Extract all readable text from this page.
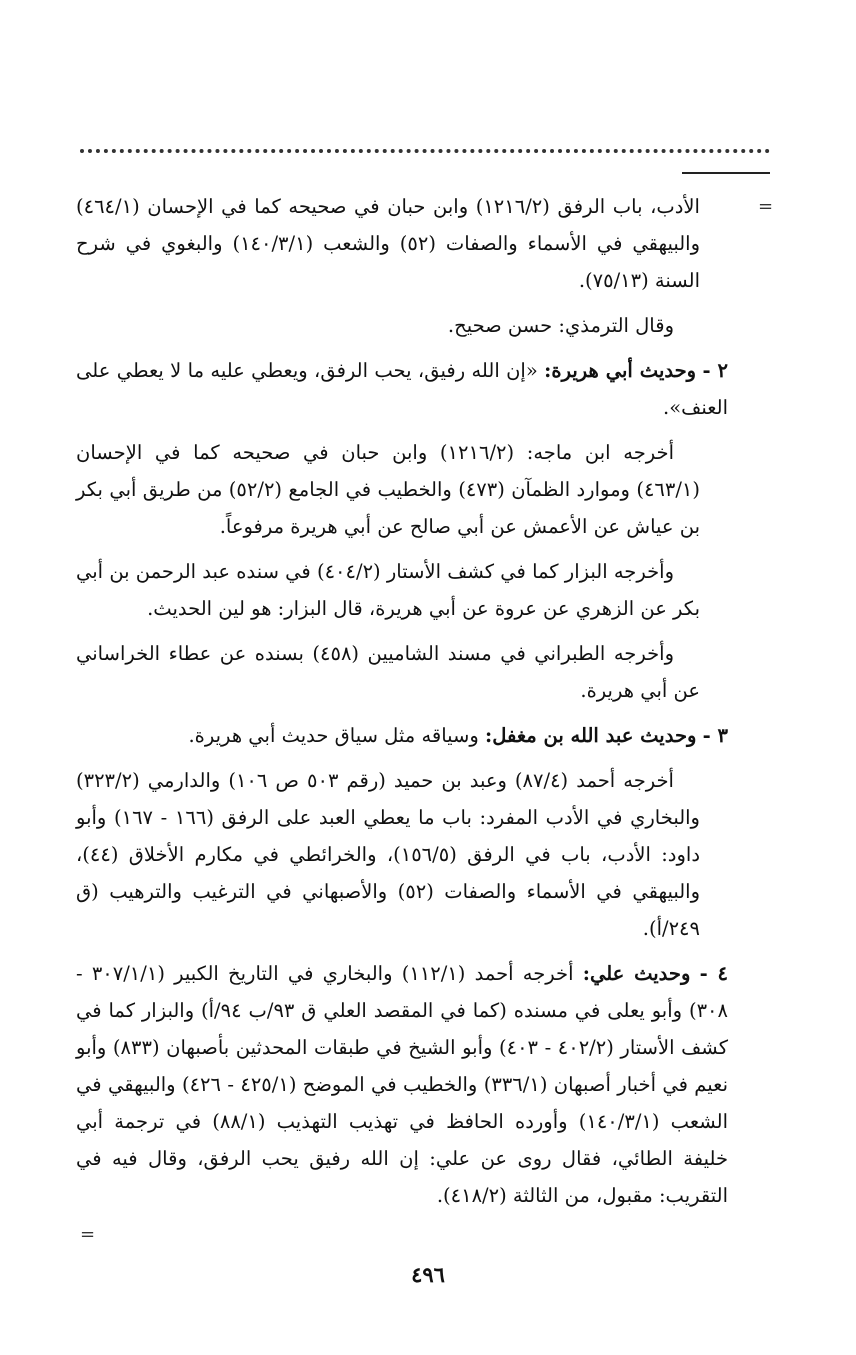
=

الأدب، باب الرفق (١٢١٦/٢) وابن حبان في صحيحه كما في الإحسان (٤٦٤/١) والبيهقي في الأسماء والصفات (٥٢) والشعب (١٤٠/٣/١) والبغوي في شرح السنة (٧٥/١٣).

وقال الترمذي: حسن صحيح.

٢ - وحديث أبي هريرة: «إن الله رفيق، يحب الرفق، ويعطي عليه ما لا يعطي على العنف».

أخرجه ابن ماجه: (١٢١٦/٢) وابن حبان في صحيحه كما في الإحسان (٤٦٣/١) وموارد الظمآن (٤٧٣) والخطيب في الجامع (٥٢/٢) من طريق أبي بكر بن عياش عن الأعمش عن أبي صالح عن أبي هريرة مرفوعاً.

وأخرجه البزار كما في كشف الأستار (٤٠٤/٢) في سنده عبد الرحمن بن أبي بكر عن الزهري عن عروة عن أبي هريرة، قال البزار: هو لين الحديث.

وأخرجه الطبراني في مسند الشاميين (٤٥٨) بسنده عن عطاء الخراساني عن أبي هريرة.

٣ - وحديث عبد الله بن مغفل: وسياقه مثل سياق حديث أبي هريرة.

أخرجه أحمد (٨٧/٤) وعبد بن حميد (رقم ٥٠٣ ص ١٠٦) والدارمي (٣٢٣/٢) والبخاري في الأدب المفرد: باب ما يعطي العبد على الرفق (١٦٦ - ١٦٧) وأبو داود: الأدب، باب في الرفق (١٥٦/٥)، والخرائطي في مكارم الأخلاق (٤٤)، والبيهقي في الأسماء والصفات (٥٢) والأصبهاني في الترغيب والترهيب (ق ٢٤٩/أ).

٤ - وحديث علي: أخرجه أحمد (١١٢/١) والبخاري في التاريخ الكبير (٣٠٧/١/١ - ٣٠٨) وأبو يعلى في مسنده (كما في المقصد العلي ق ٩٣/ب ٩٤/أ) والبزار كما في كشف الأستار (٤٠٢/٢ - ٤٠٣) وأبو الشيخ في طبقات المحدثين بأصبهان (٨٣٣) وأبو نعيم في أخبار أصبهان (٣٣٦/١) والخطيب في الموضح (٤٢٥/١ - ٤٢٦) والبيهقي في الشعب (١٤٠/٣/١) وأورده الحافظ في تهذيب التهذيب (٨٨/١) في ترجمة أبي خليفة الطائي، فقال روى عن علي: إن الله رفيق يحب الرفق، وقال فيه في التقريب: مقبول، من الثالثة (٤١٨/٢).

=
٤٩٦
